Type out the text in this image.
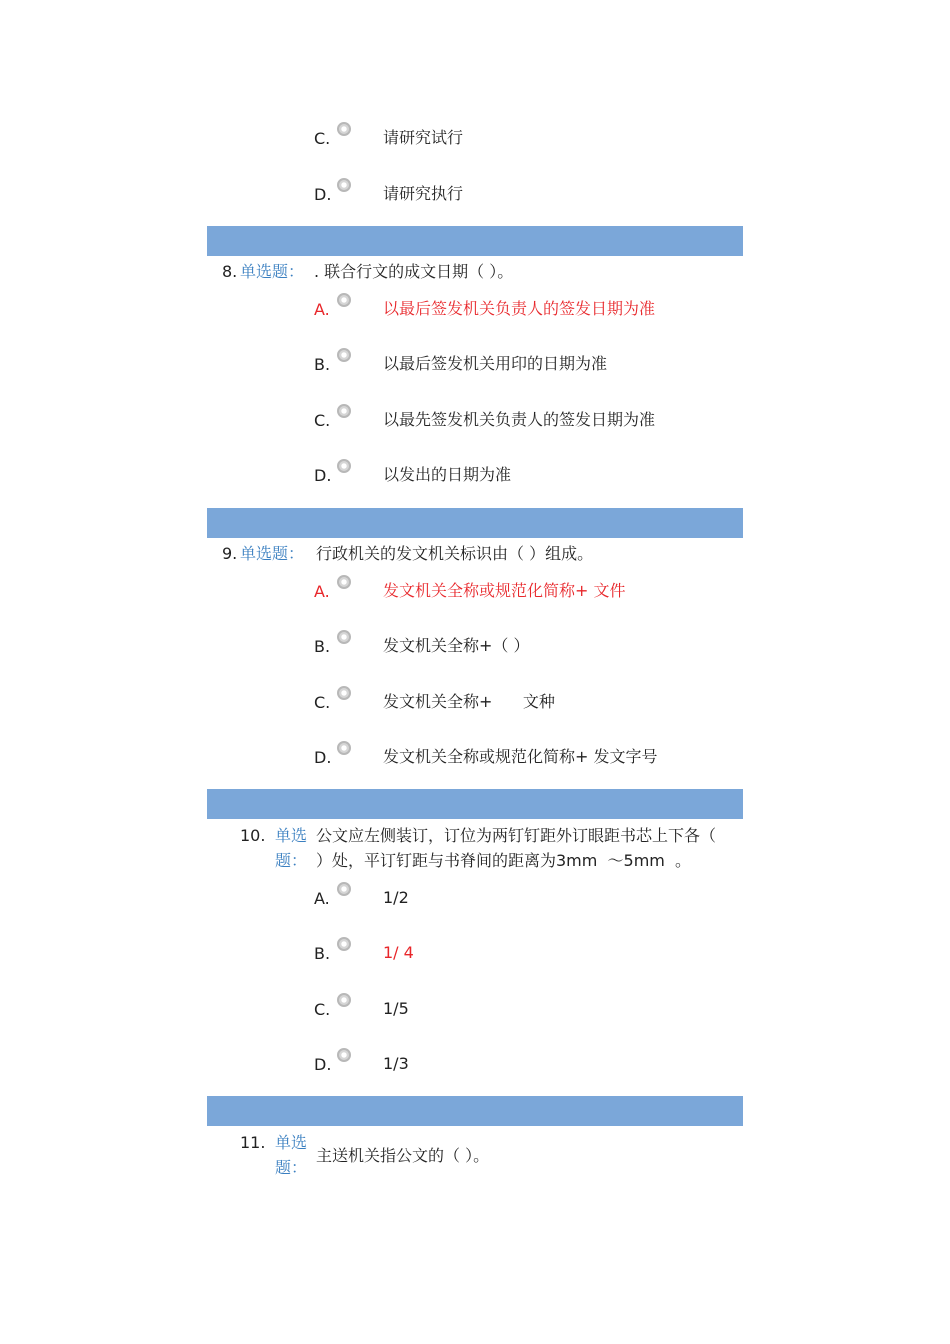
C.	请研究试行
D.	请研究执行
8. 单选题： . 联合行文的成文日期（ ）。
A.	以最后签发机关负责人的签发日期为准
B.	以最后签发机关用印的日期为准
C.	以最先签发机关负责人的签发日期为准
D.	以发出的日期为准
9. 单选题： 行政机关的发文机关标识由（ ）组成。
A.	发文机关全称或规范化简称+ 文件
B.	发文机关全称+（ ）
C.	发文机关全称+      文种
D.	发文机关全称或规范化简称+ 发文字号
10. 单选
题：
公文应左侧装订，订位为两钉钉距外订眼距书芯上下各（
）处，平订钉距与书脊间的距离为3mm  ～5mm  。
A.	1/2
B.	1/ 4
C.	1/5
D.	1/3
11. 单选
题：
主送机关指公文的（ ）。
